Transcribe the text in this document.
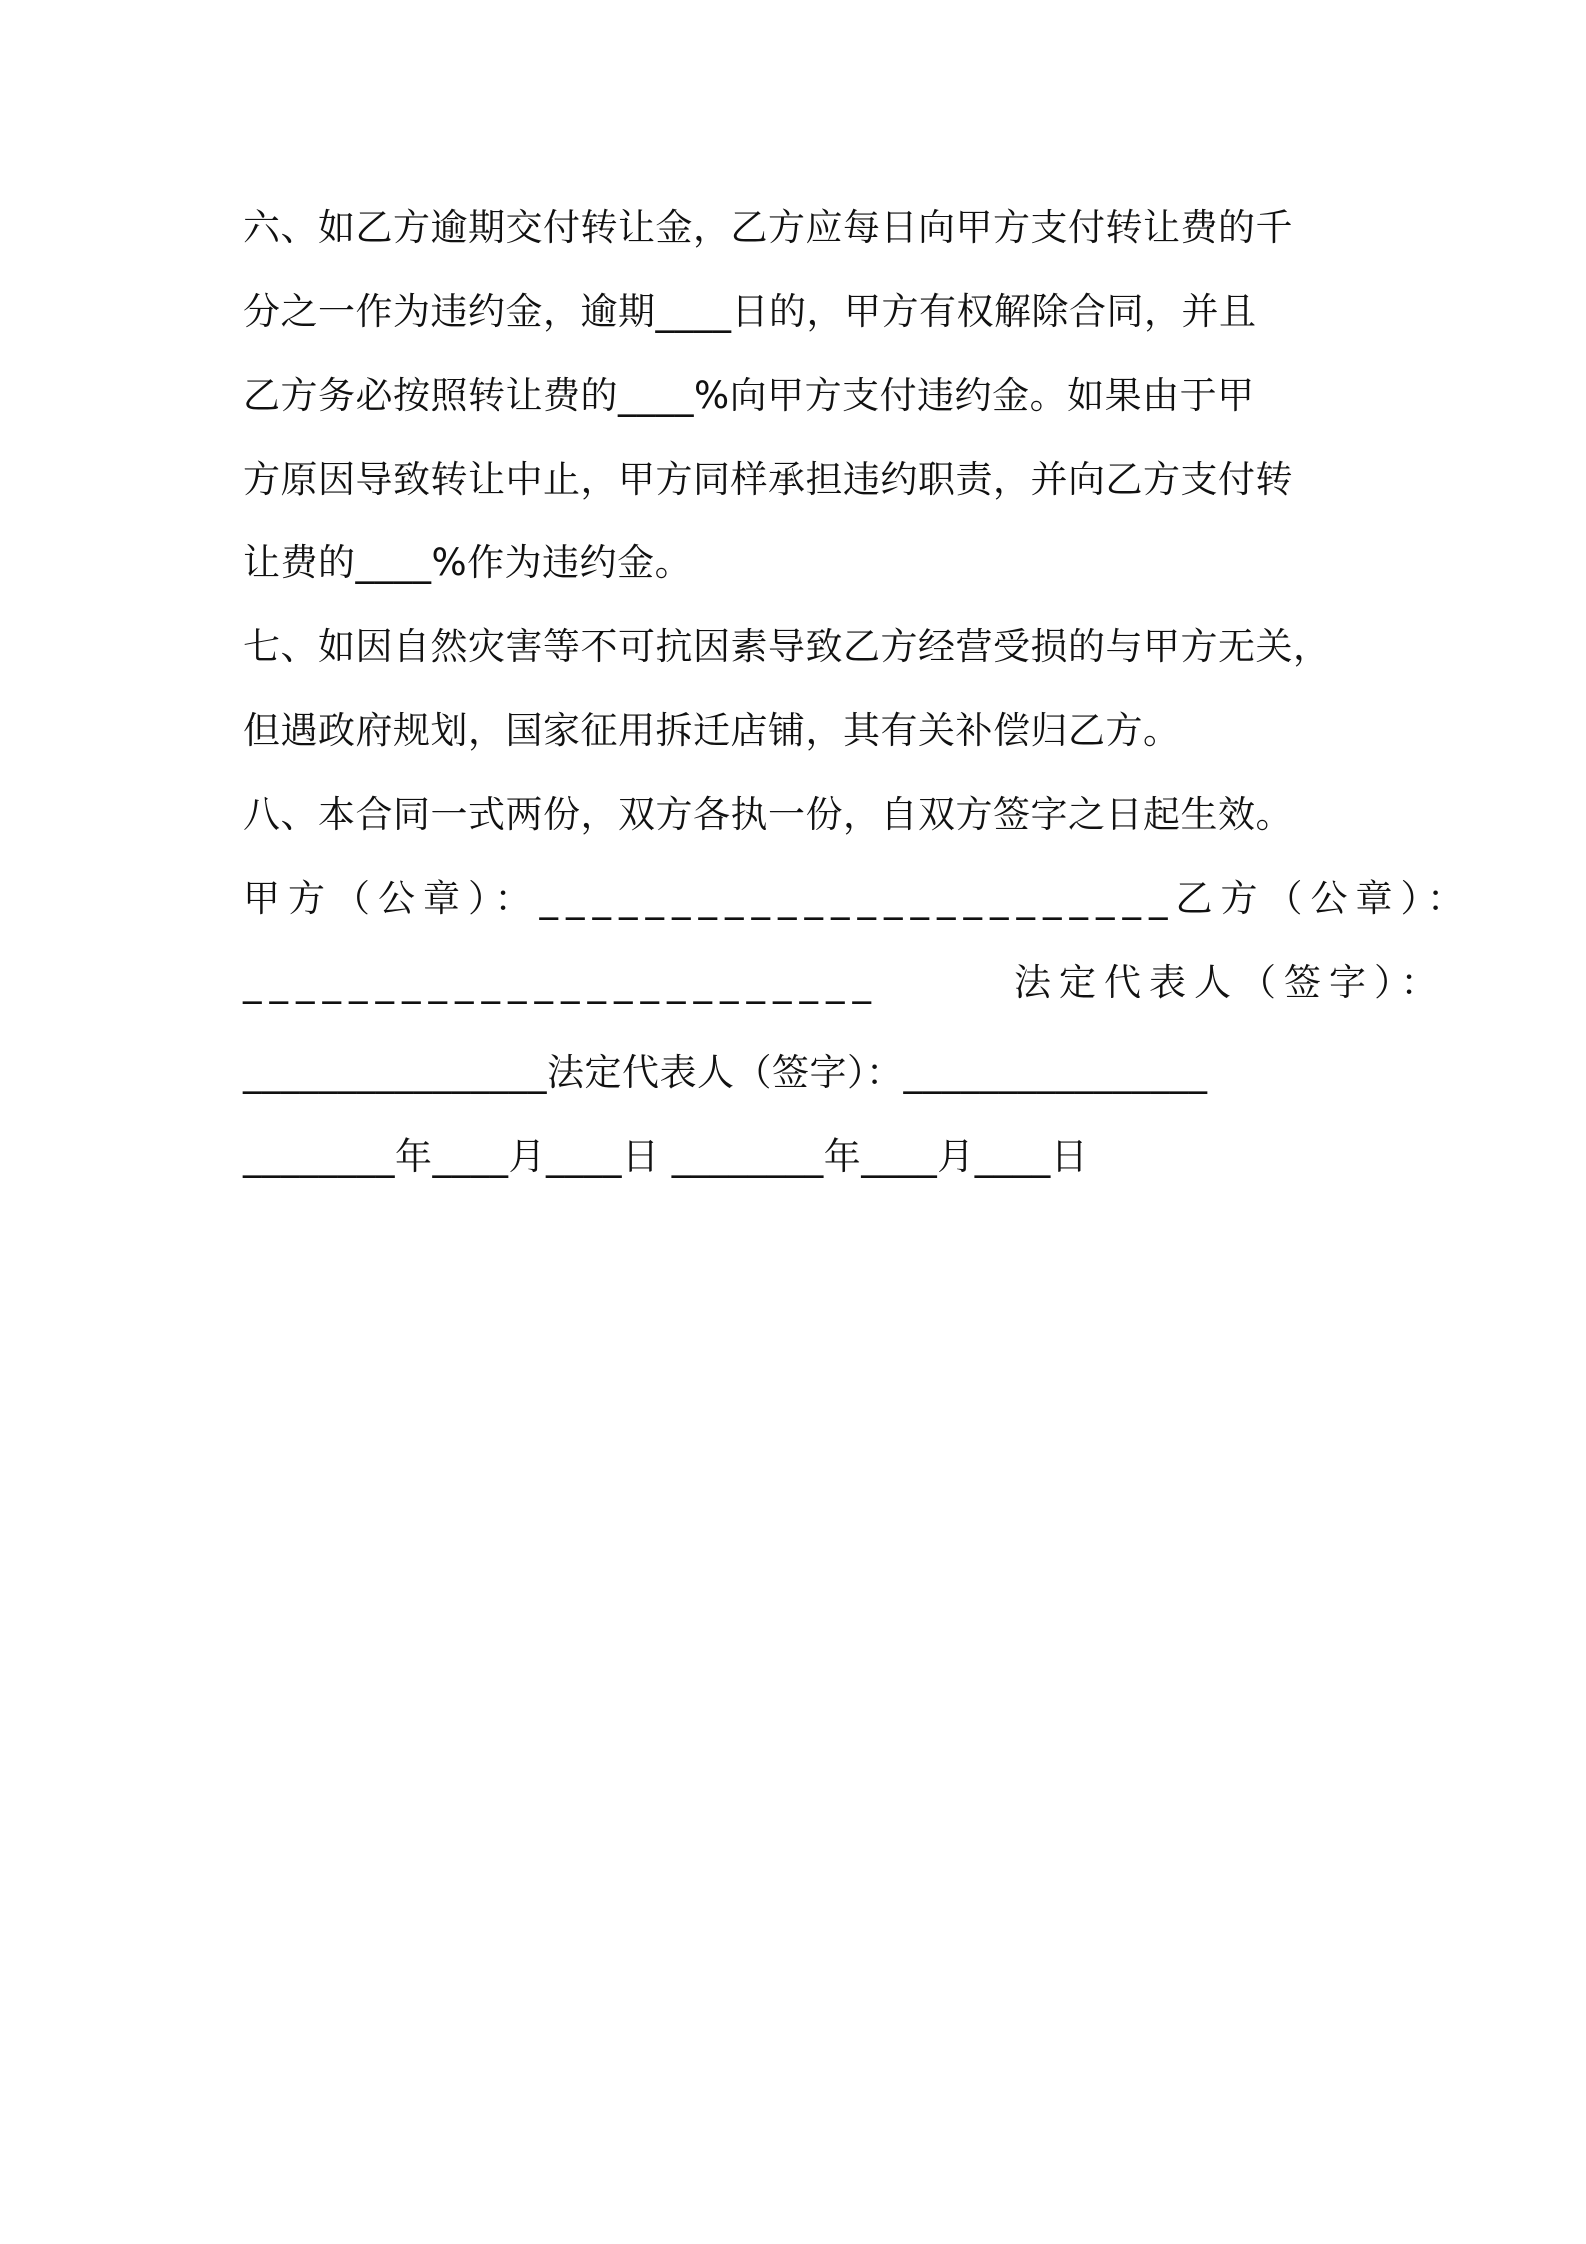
六、如乙方逾期交付转让金，乙方应每日向甲方支付转让费的千
分之一作为违约金，逾期____日的，甲方有权解除合同，并且
乙方务必按照转让费的____%向甲方支付违约金。如果由于甲
方原因导致转让中止，甲方同样承担违约职责，并向乙方支付转
让费的____%作为违约金。
七、如因自然灾害等不可抗因素导致乙方经营受损的与甲方无关，
但遇政府规划，国家征用拆迁店铺，其有关补偿归乙方。
八、本合同一式两份，双方各执一份，自双方签字之日起生效。
甲方（公章）：________________________乙方（公章）：
________________________　　　法定代表人（签字）：
________________法定代表人（签字）：________________
________年____月____日 ________年____月____日
